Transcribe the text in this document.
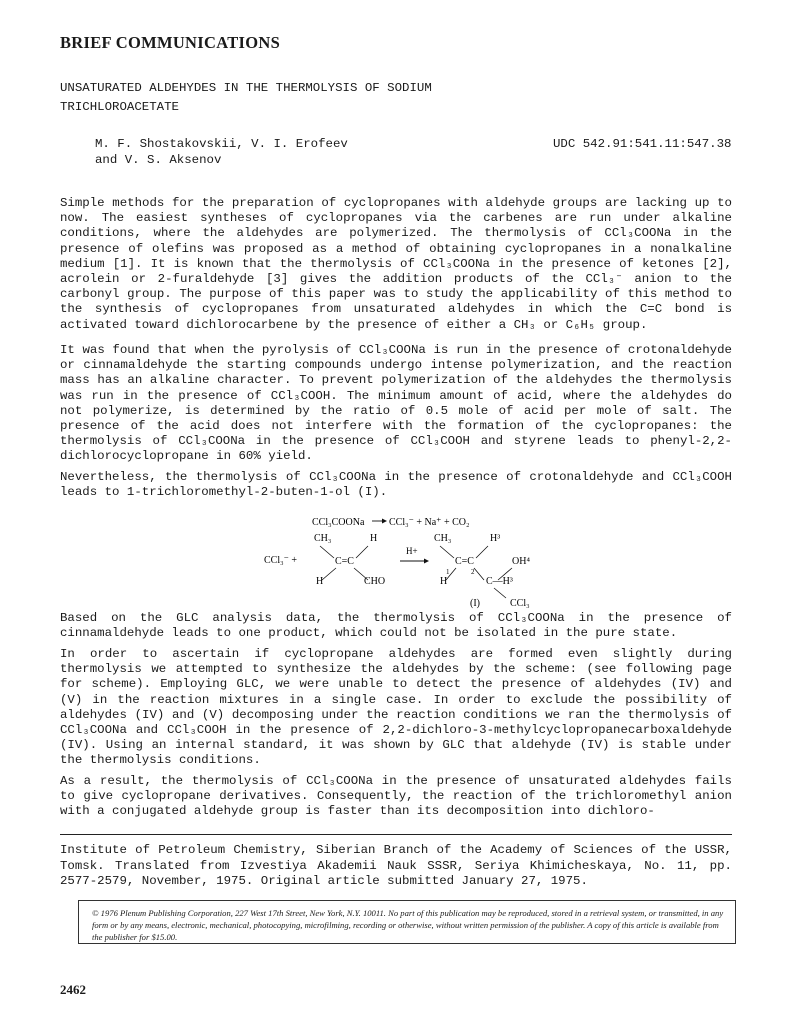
BRIEF COMMUNICATIONS
UNSATURATED ALDEHYDES IN THE THERMOLYSIS OF SODIUM
TRICHLOROACETATE
M. F. Shostakovskii, V. I. Erofeev
and V. S. Aksenov
UDC 542.91:541.11:547.38

Simple methods for the preparation of cyclopropanes with aldehyde groups are lacking up to now. The easiest syntheses of cyclopropanes via the carbenes are run under alkaline conditions, where the aldehydes are polymerized. The thermolysis of CCl₃COONa in the presence of olefins was proposed as a method of obtaining cyclopropanes in a nonalkaline medium [1]. It is known that the thermolysis of CCl₃COONa in the presence of ketones [2], acrolein or 2-furaldehyde [3] gives the addition products of the CCl₃⁻ anion to the carbonyl group. The purpose of this paper was to study the applicability of this method to the synthesis of cyclopropanes from unsaturated aldehydes in which the C=C bond is activated toward dichlorocarbene by the presence of either a CH₃ or C₆H₅ group.

It was found that when the pyrolysis of CCl₃COONa is run in the presence of crotonaldehyde or cinnamaldehyde the starting compounds undergo intense polymerization, and the reaction mass has an alkaline character. To prevent polymerization of the aldehydes the thermolysis was run in the presence of CCl₃COOH. The minimum amount of acid, where the aldehydes do not polymerize, is determined by the ratio of 0.5 mole of acid per mole of salt. The presence of the acid does not interfere with the formation of the cyclopropanes: the thermolysis of CCl₃COONa in the presence of CCl₃COOH and styrene leads to phenyl-2,2-dichlorocyclopropane in 60% yield.

Nevertheless, the thermolysis of CCl₃COONa in the presence of crotonaldehyde and CCl₃COOH leads to 1-trichloromethyl-2-buten-1-ol (I).

CCl₃COONa CCl₃⁻ + Na⁺ + CO₂
CH₃	H
CCl₃⁻ +	C=C
H	CHO
H+
CH₃	H³
C=C	OH⁴
1	2
H	C—H³
(I)	CCl₃

Based on the GLC analysis data, the thermolysis of CCl₃COONa in the presence of cinnamaldehyde leads to one product, which could not be isolated in the pure state.

In order to ascertain if cyclopropane aldehydes are formed even slightly during thermolysis we attempted to synthesize the aldehydes by the scheme: (see following page for scheme). Employing GLC, we were unable to detect the presence of aldehydes (IV) and (V) in the reaction mixtures in a single case. In order to exclude the possibility of aldehydes (IV) and (V) decomposing under the reaction conditions we ran the thermolysis of CCl₃COONa and CCl₃COOH in the presence of 2,2-dichloro-3-methylcyclopropanecarboxaldehyde (IV). Using an internal standard, it was shown by GLC that aldehyde (IV) is stable under the thermolysis conditions.

As a result, the thermolysis of CCl₃COONa in the presence of unsaturated aldehydes fails to give cyclopropane derivatives. Consequently, the reaction of the trichloromethyl anion with a conjugated aldehyde group is faster than its decomposition into dichloro-

Institute of Petroleum Chemistry, Siberian Branch of the Academy of Sciences of the USSR, Tomsk. Translated from Izvestiya Akademii Nauk SSSR, Seriya Khimicheskaya, No. 11, pp. 2577-2579, November, 1975. Original article submitted January 27, 1975.
© 1976 Plenum Publishing Corporation, 227 West 17th Street, New York, N.Y. 10011. No part of this publication may be reproduced, stored in a retrieval system, or transmitted, in any form or by any means, electronic, mechanical, photocopying, microfilming, recording or otherwise, without written permission of the publisher. A copy of this article is available from the publisher for $15.00.
2462
